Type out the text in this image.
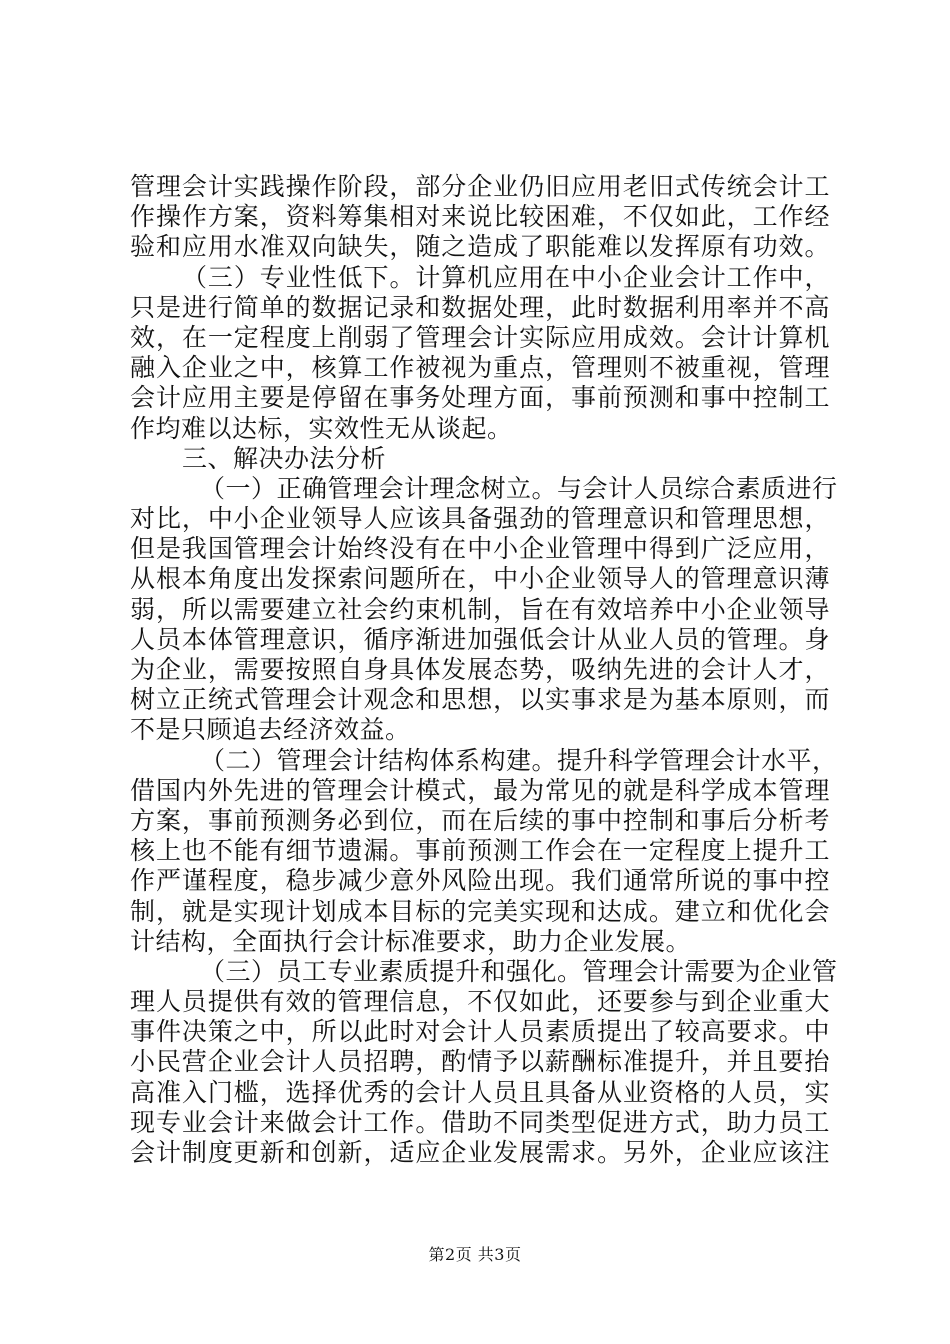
管理会计实践操作阶段，部分企业仍旧应用老旧式传统会计工
作操作方案，资料筹集相对来说比较困难，不仅如此，工作经
验和应用水准双向缺失，随之造成了职能难以发挥原有功效。
（三）专业性低下。计算机应用在中小企业会计工作中，
只是进行简单的数据记录和数据处理，此时数据利用率并不高
效，在一定程度上削弱了管理会计实际应用成效。会计计算机
融入企业之中，核算工作被视为重点，管理则不被重视，管理
会计应用主要是停留在事务处理方面，事前预测和事中控制工
作均难以达标，实效性无从谈起。
三、解决办法分析
（一）正确管理会计理念树立。与会计人员综合素质进行
对比，中小企业领导人应该具备强劲的管理意识和管理思想，
但是我国管理会计始终没有在中小企业管理中得到广泛应用，
从根本角度出发探索问题所在，中小企业领导人的管理意识薄
弱，所以需要建立社会约束机制，旨在有效培养中小企业领导
人员本体管理意识，循序渐进加强低会计从业人员的管理。身
为企业，需要按照自身具体发展态势，吸纳先进的会计人才，
树立正统式管理会计观念和思想，以实事求是为基本原则，而
不是只顾追去经济效益。
（二）管理会计结构体系构建。提升科学管理会计水平，
借国内外先进的管理会计模式，最为常见的就是科学成本管理
方案，事前预测务必到位，而在后续的事中控制和事后分析考
核上也不能有细节遗漏。事前预测工作会在一定程度上提升工
作严谨程度，稳步减少意外风险出现。我们通常所说的事中控
制，就是实现计划成本目标的完美实现和达成。建立和优化会
计结构，全面执行会计标准要求，助力企业发展。
（三）员工专业素质提升和强化。管理会计需要为企业管
理人员提供有效的管理信息，不仅如此，还要参与到企业重大
事件决策之中，所以此时对会计人员素质提出了较高要求。中
小民营企业会计人员招聘，酌情予以薪酬标准提升，并且要抬
高准入门槛，选择优秀的会计人员且具备从业资格的人员，实
现专业会计来做会计工作。借助不同类型促进方式，助力员工
会计制度更新和创新，适应企业发展需求。另外，企业应该注
第2页 共3页
